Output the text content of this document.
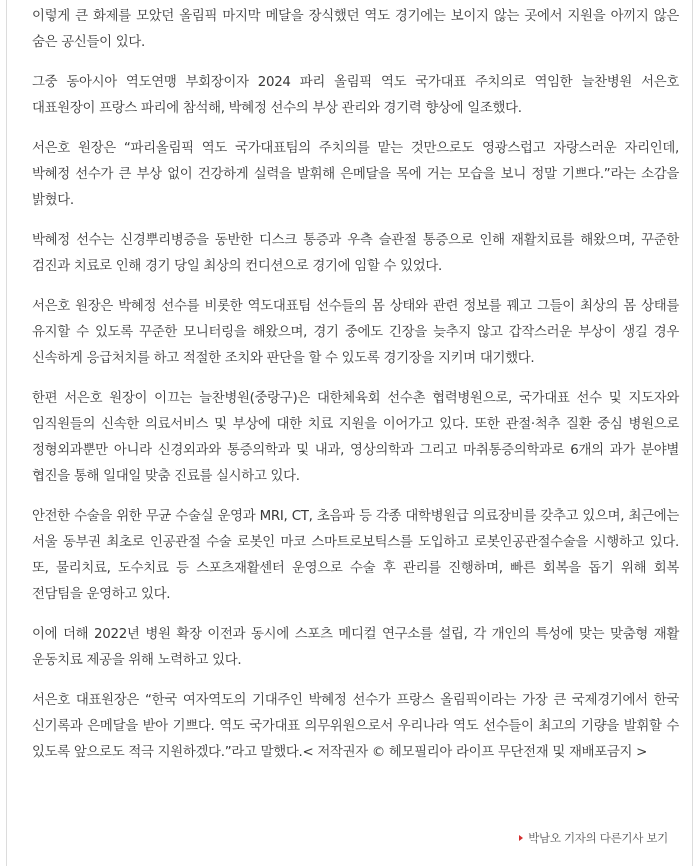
이렇게 큰 화제를 모았던 올림픽 마지막 메달을 장식했던 역도 경기에는 보이지 않는 곳에서 지원을 아끼지 않은 숨은 공신들이 있다.

그중 동아시아 역도연맹 부회장이자 2024 파리 올림픽 역도 국가대표 주치의로 역임한 늘찬병원 서은호 대표원장이 프랑스 파리에 참석해, 박혜정 선수의 부상 관리와 경기력 향상에 일조했다.

서은호 원장은 “파리올림픽 역도 국가대표팀의 주치의를 맡는 것만으로도 영광스럽고 자랑스러운 자리인데, 박혜정 선수가 큰 부상 없이 건강하게 실력을 발휘해 은메달을 목에 거는 모습을 보니 정말 기쁘다.”라는 소감을 밝혔다.

박혜정 선수는 신경뿌리병증을 동반한 디스크 통증과 우측 슬관절 통증으로 인해 재활치료를 해왔으며, 꾸준한 검진과 치료로 인해 경기 당일 최상의 컨디션으로 경기에 임할 수 있었다.

서은호 원장은 박혜정 선수를 비롯한 역도대표팀 선수들의 몸 상태와 관련 정보를 꿰고 그들이 최상의 몸 상태를 유지할 수 있도록 꾸준한 모니터링을 해왔으며, 경기 중에도 긴장을 늦추지 않고 갑작스러운 부상이 생길 경우 신속하게 응급처치를 하고 적절한 조치와 판단을 할 수 있도록 경기장을 지키며 대기했다.

한편 서은호 원장이 이끄는 늘찬병원(중랑구)은 대한체육회 선수촌 협력병원으로, 국가대표 선수 및 지도자와 임직원들의 신속한 의료서비스 및 부상에 대한 치료 지원을 이어가고 있다. 또한 관절·척추 질환 중심 병원으로 정형외과뿐만 아니라 신경외과와 통증의학과 및 내과, 영상의학과 그리고 마취통증의학과로 6개의 과가 분야별 협진을 통해 일대일 맞춤 진료를 실시하고 있다.

안전한 수술을 위한 무균 수술실 운영과 MRI, CT, 초음파 등 각종 대학병원급 의료장비를 갖추고 있으며, 최근에는 서울 동부권 최초로 인공관절 수술 로봇인 마코 스마트로보틱스를 도입하고 로봇인공관절수술을 시행하고 있다. 또, 물리치료, 도수치료 등 스포츠재활센터 운영으로 수술 후 관리를 진행하며, 빠른 회복을 돕기 위해 회복 전담팀을 운영하고 있다.

이에 더해 2022년 병원 확장 이전과 동시에 스포츠 메디컬 연구소를 설립, 각 개인의 특성에 맞는 맞춤형 재활 운동치료 제공을 위해 노력하고 있다.

서은호 대표원장은 “한국 여자역도의 기대주인 박혜정 선수가 프랑스 올림픽이라는 가장 큰 국제경기에서 한국 신기록과 은메달을 받아 기쁘다. 역도 국가대표 의무위원으로서 우리나라 역도 선수들이 최고의 기량을 발휘할 수 있도록 앞으로도 적극 지원하겠다.”라고 말했다.< 저작권자 © 헤모필리아 라이프 무단전재 및 재배포금지 >

박남오 기자의 다른기사 보기
